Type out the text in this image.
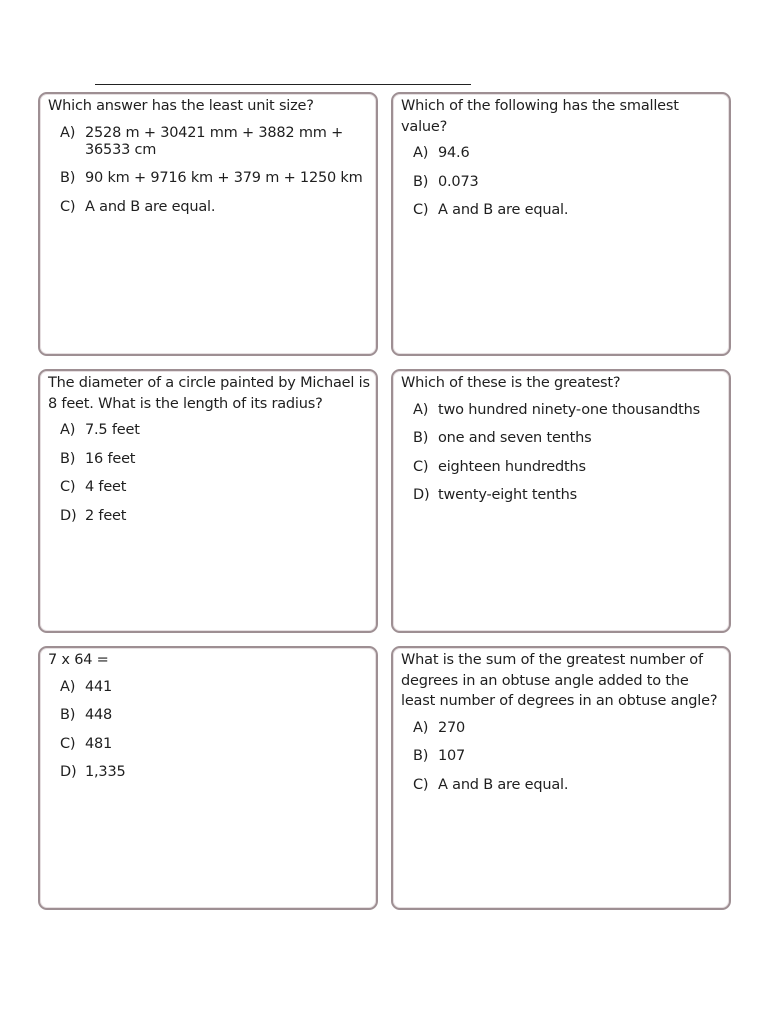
Which answer has the least unit size?

A) 2528 m + 30421 mm + 3882 mm + 36533 cm
B) 90 km + 9716 km + 379 m + 1250 km
C) A and B are equal.

Which of the following has the smallest value?

A) 94.6
B) 0.073
C) A and B are equal.

The diameter of a circle painted by Michael is 8 feet. What is the length of its radius?

A) 7.5 feet
B) 16 feet
C) 4 feet
D) 2 feet

Which of these is the greatest?

A) two hundred ninety-one thousandths
B) one and seven tenths
C) eighteen hundredths
D) twenty-eight tenths

7 x 64 =

A) 441
B) 448
C) 481
D) 1,335

What is the sum of the greatest number of degrees in an obtuse angle added to the least number of degrees in an obtuse angle?

A) 270
B) 107
C) A and B are equal.
